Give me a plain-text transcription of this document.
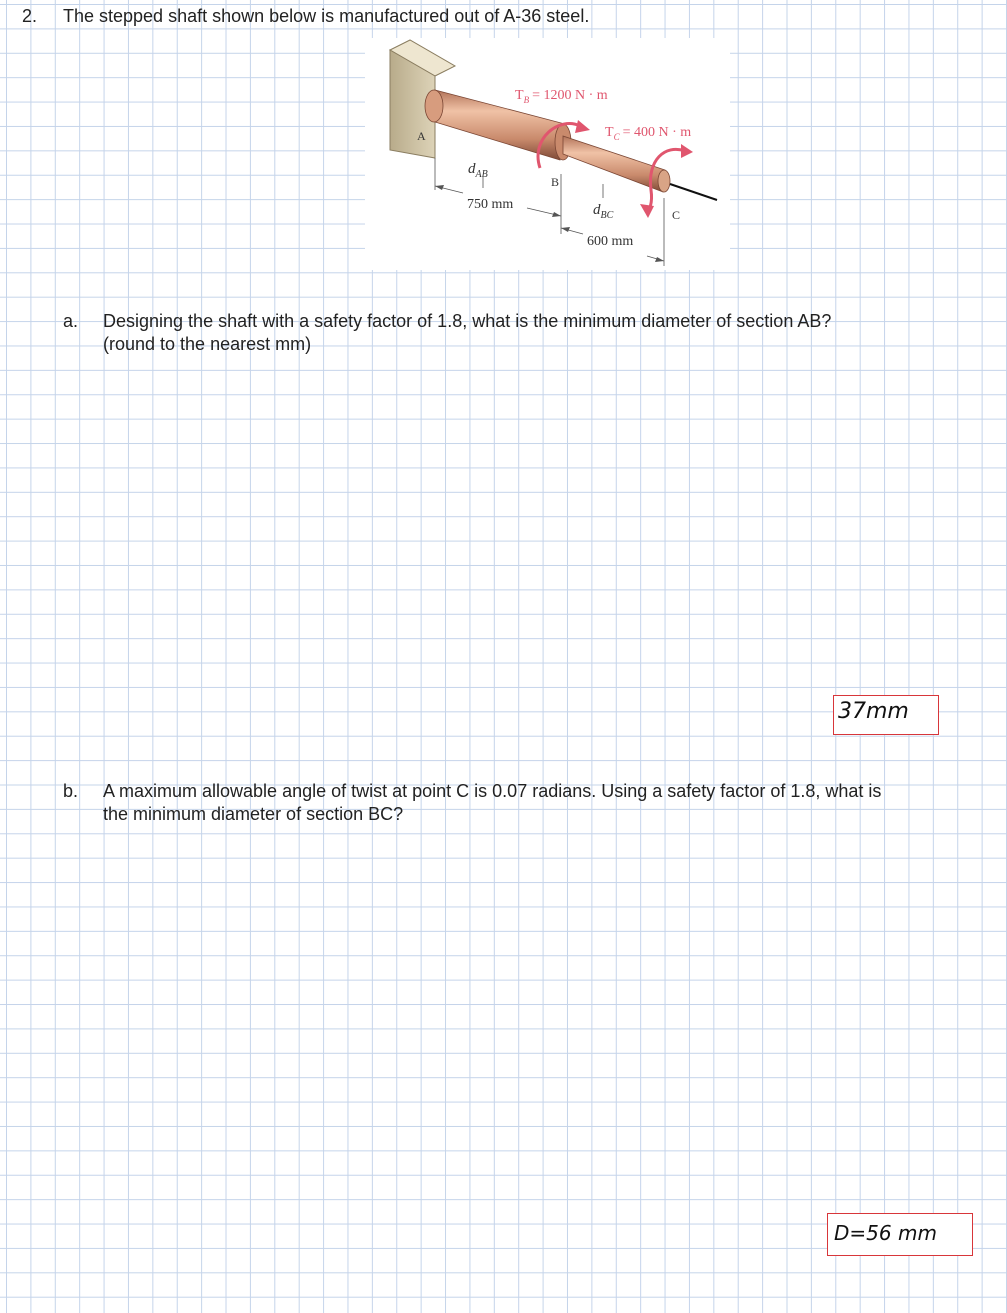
2. The stepped shaft shown below is manufactured out of A-36 steel.
$T_B = 1200$ N · m
$T_C = 400$ N · m
A
B
C
$d_{AB}$
$d_{BC}$
750 mm
600 mm
a. Designing the shaft with a safety factor of 1.8, what is the minimum diameter of section AB?
(round to the nearest mm)
37mm
b. A maximum allowable angle of twist at point C is 0.07 radians. Using a safety factor of 1.8, what is
the minimum diameter of section BC?
D=56 mm
